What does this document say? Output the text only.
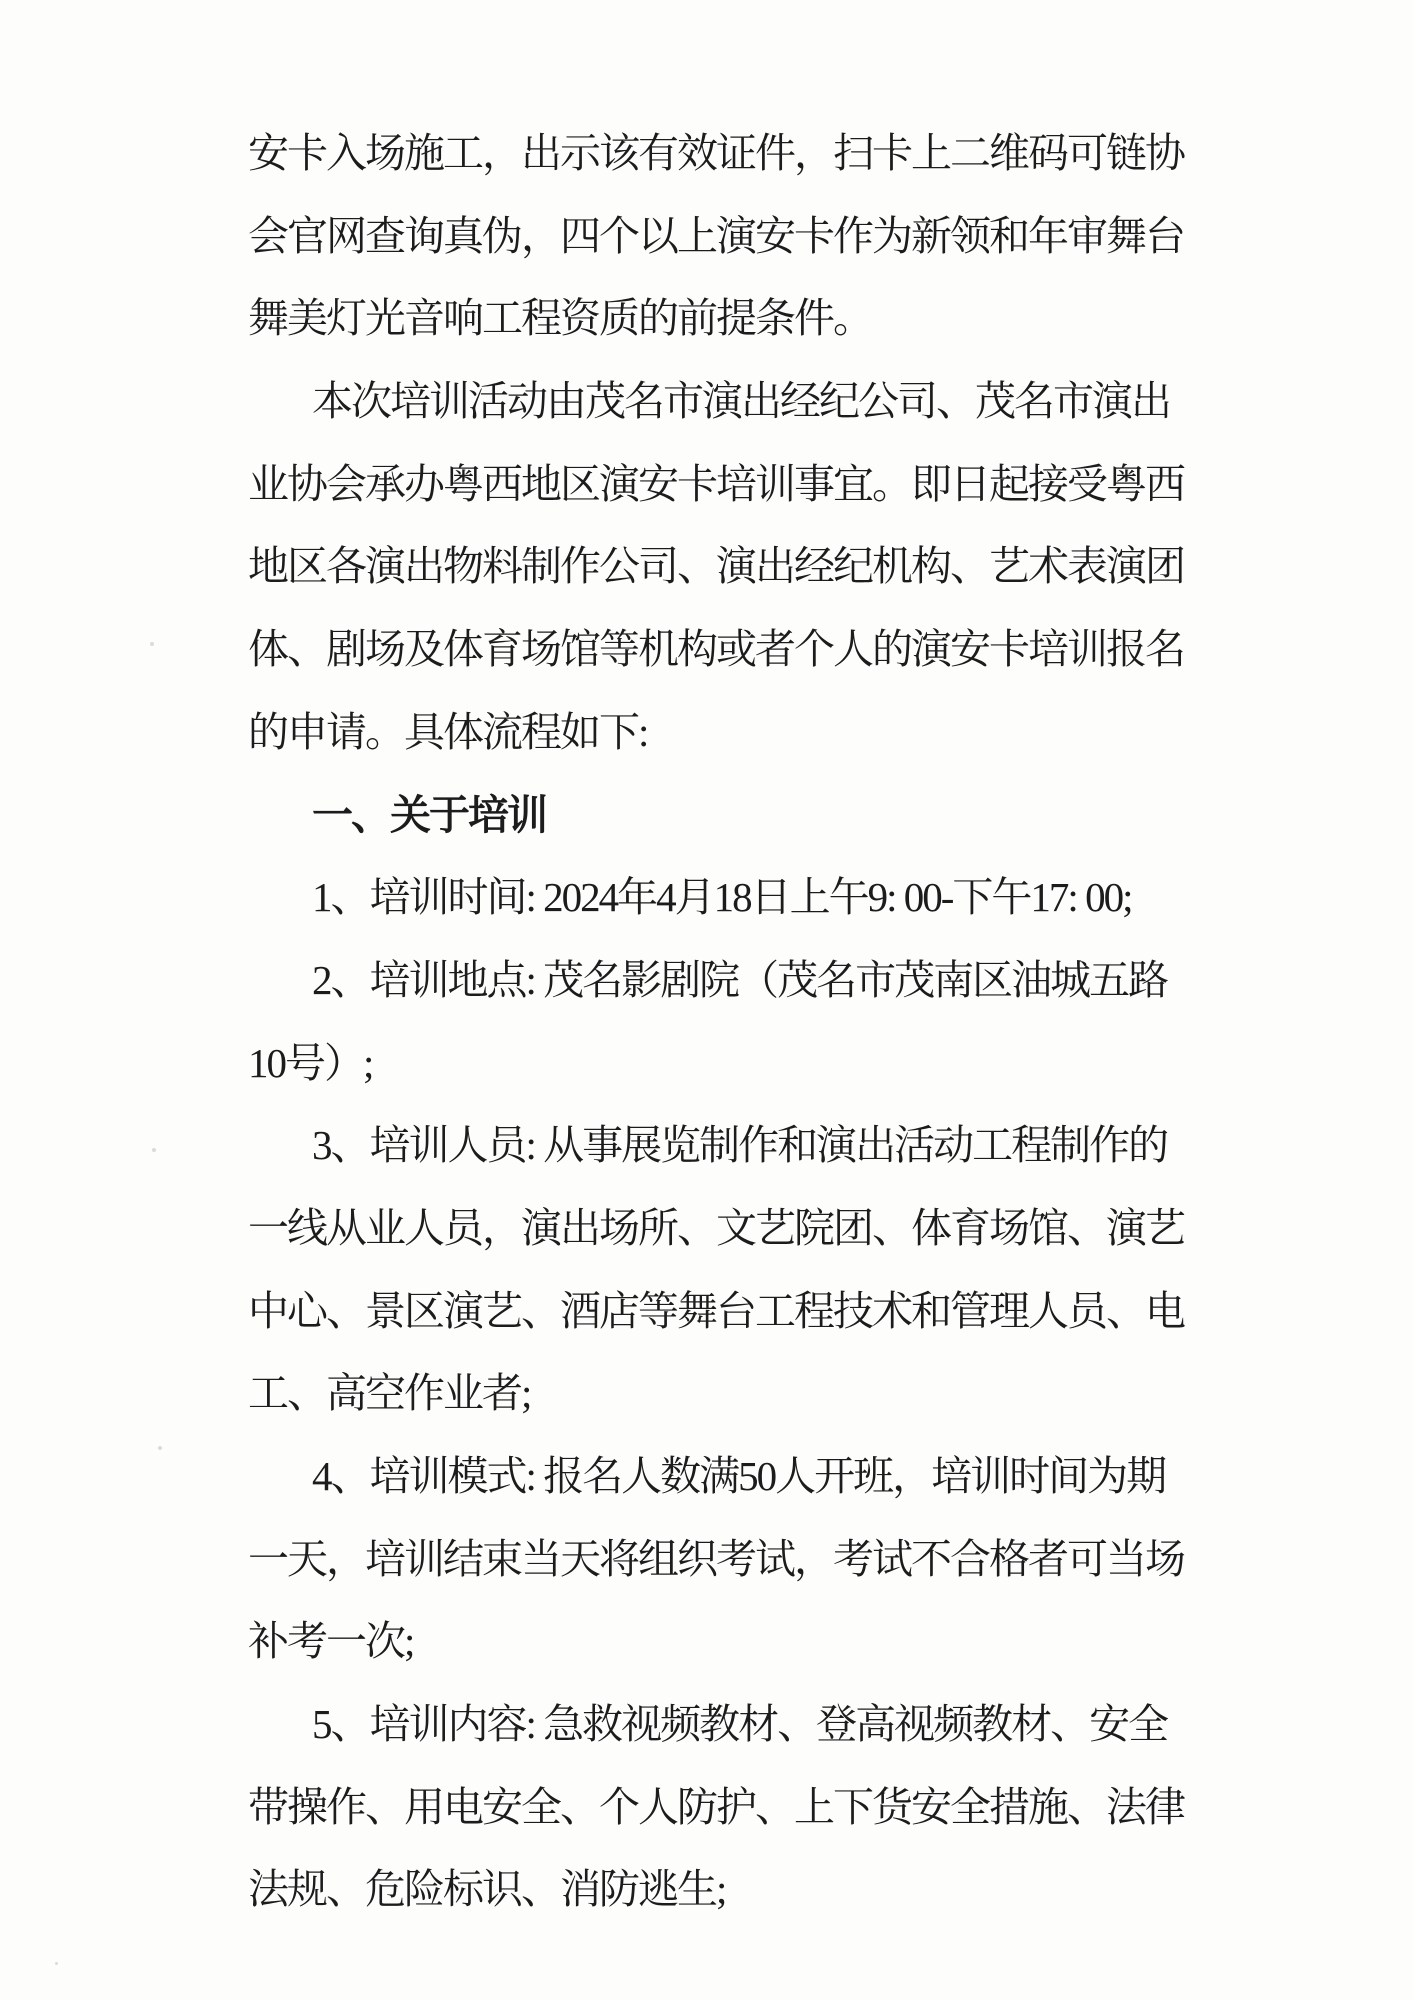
安卡入场施工，出示该有效证件，扫卡上二维码可链协
会官网查询真伪，四个以上演安卡作为新领和年审舞台
舞美灯光音响工程资质的前提条件。
本次培训活动由茂名市演出经纪公司、茂名市演出
业协会承办粤西地区演安卡培训事宜。即日起接受粤西
地区各演出物料制作公司、演出经纪机构、艺术表演团
体、剧场及体育场馆等机构或者个人的演安卡培训报名
的申请。具体流程如下:
一、关于培训
1、培训时间: 2024年4月18日上午9: 00-下午17: 00;
2、培训地点: 茂名影剧院（茂名市茂南区油城五路
10号）;
3、培训人员: 从事展览制作和演出活动工程制作的
一线从业人员，演出场所、文艺院团、体育场馆、演艺
中心、景区演艺、酒店等舞台工程技术和管理人员、电
工、高空作业者;
4、培训模式: 报名人数满50人开班，培训时间为期
一天，培训结束当天将组织考试，考试不合格者可当场
补考一次;
5、培训内容: 急救视频教材、登高视频教材、安全
带操作、用电安全、个人防护、上下货安全措施、法律
法规、危险标识、消防逃生;
